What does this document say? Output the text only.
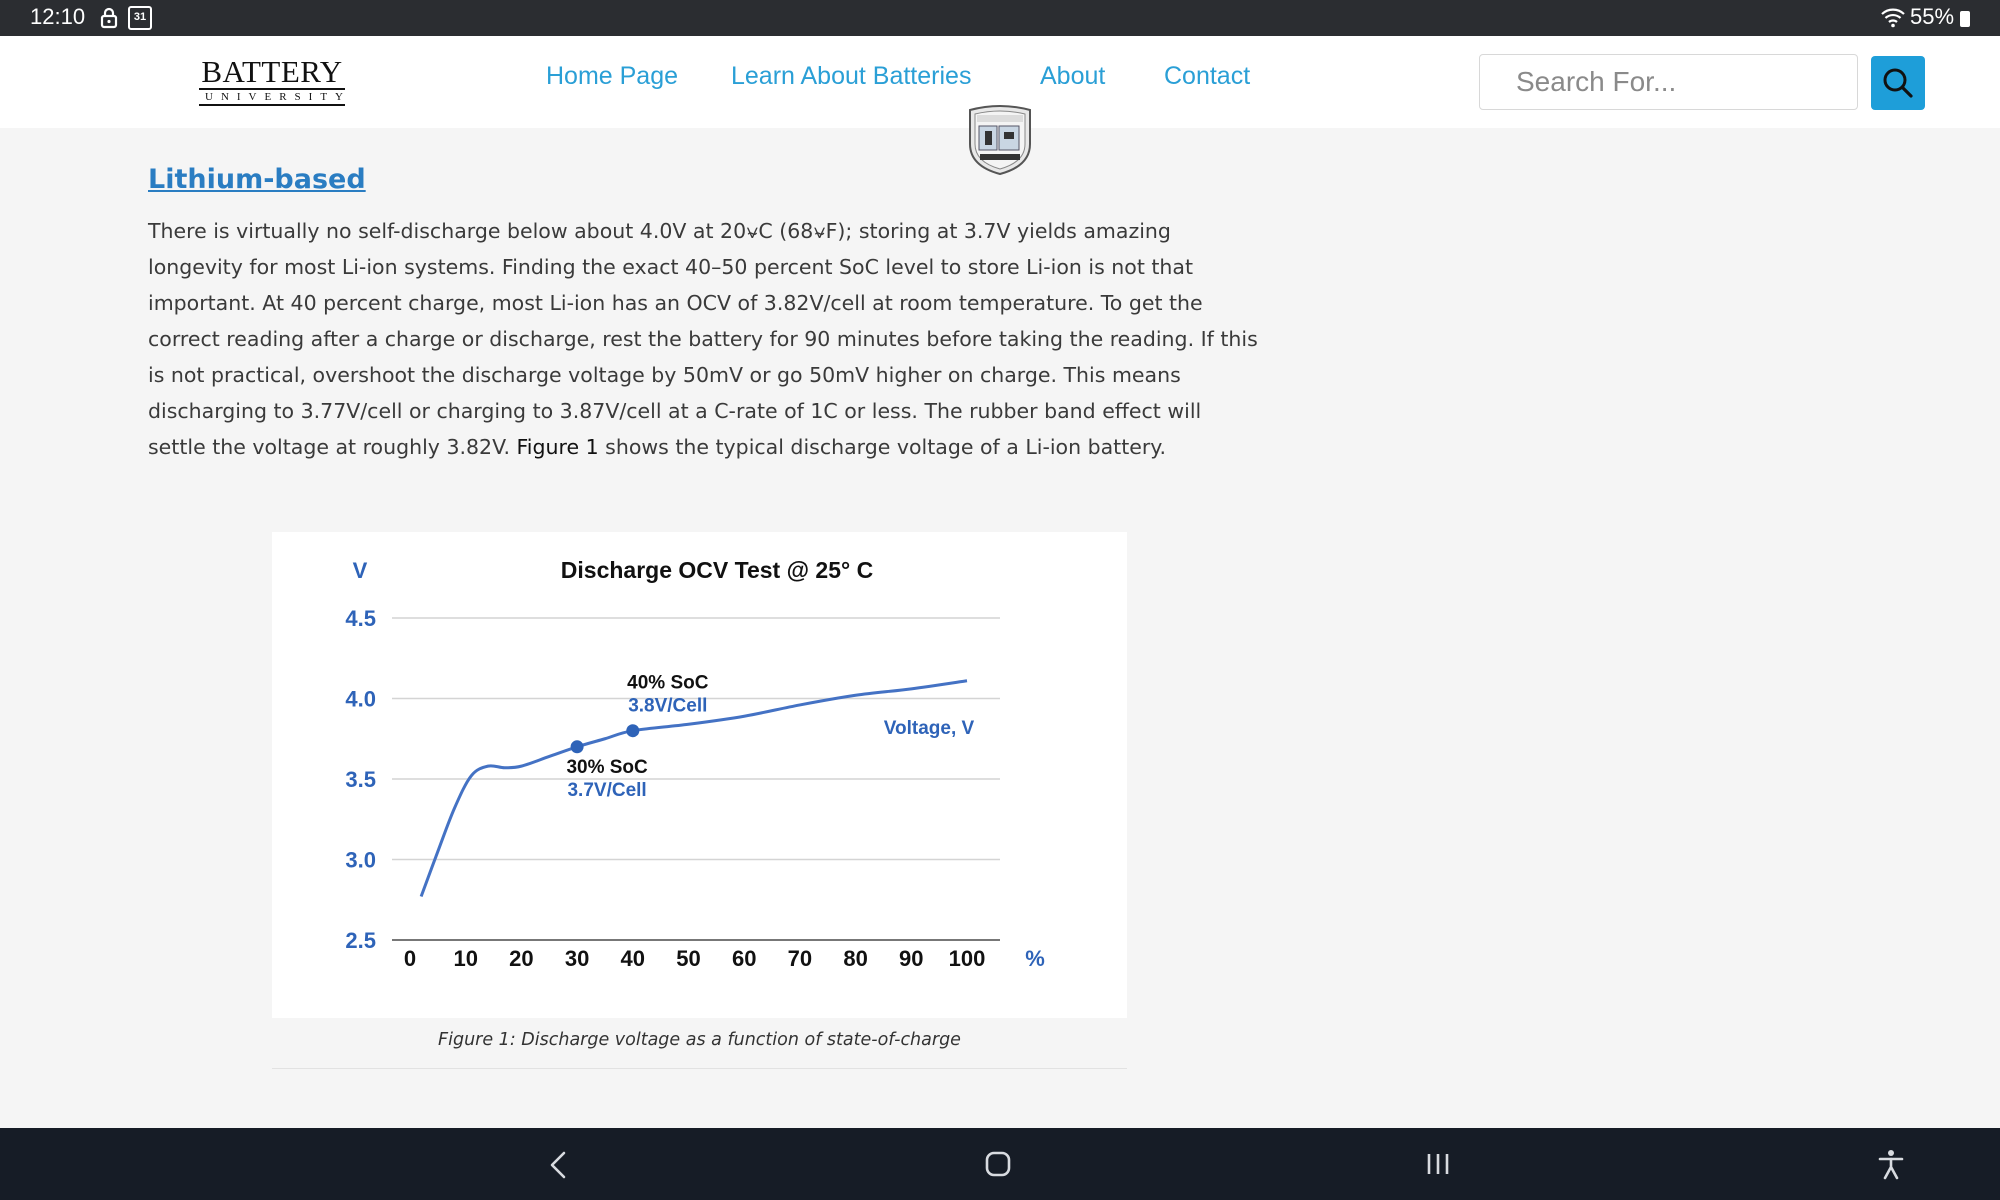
12:10	31	55%
BATTERY
UNIVERSITY
Home Page Learn About Batteries	About Contact
Search For...
Lithium-based

There is virtually no self-discharge below about 4.0V at 20⍱C (68⍱F); storing at 3.7V yields amazing longevity for most Li-ion systems. Finding the exact 40–50 percent SoC level to store Li-ion is not that important. At 40 percent charge, most Li-ion has an OCV of 3.82V/cell at room temperature. To get the correct reading after a charge or discharge, rest the battery for 90 minutes before taking the reading. If this is not practical, overshoot the discharge voltage by 50mV or go 50mV higher on charge. This means discharging to 3.77V/cell or charging to 3.87V/cell at a C-rate of 1C or less. The rubber band effect will settle the voltage at roughly 3.82V. Figure 1 shows the typical discharge voltage of a Li-ion battery.

Discharge OCV Test @ 25° C
V
%
4.5
4.0
3.5
3.0
2.5
0 10 20 30 40 50 60 70 80 90 100
Voltage, V
30% SoC
3.7V/Cell
40% SoC
3.8V/Cell
Figure 1: Discharge voltage as a function of state-of-charge
